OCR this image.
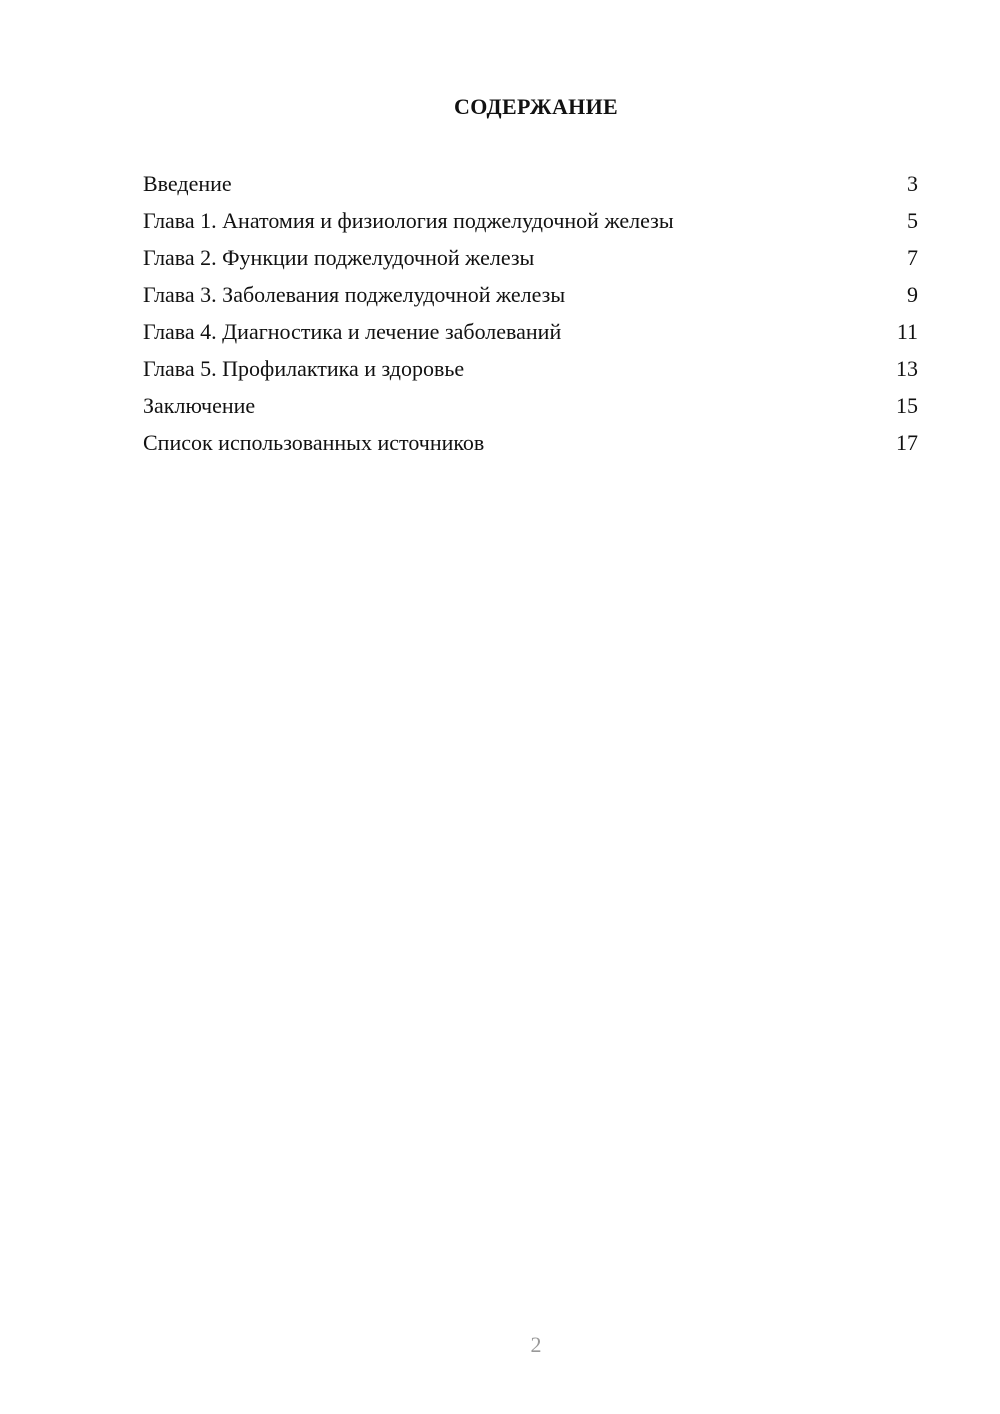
СОДЕРЖАНИЕ
Введение	3
Глава 1. Анатомия и физиология поджелудочной железы	5
Глава 2. Функции поджелудочной железы	7
Глава 3. Заболевания поджелудочной железы	9
Глава 4. Диагностика и лечение заболеваний	11
Глава 5. Профилактика и здоровье	13
Заключение	15
Список использованных источников	17
2
